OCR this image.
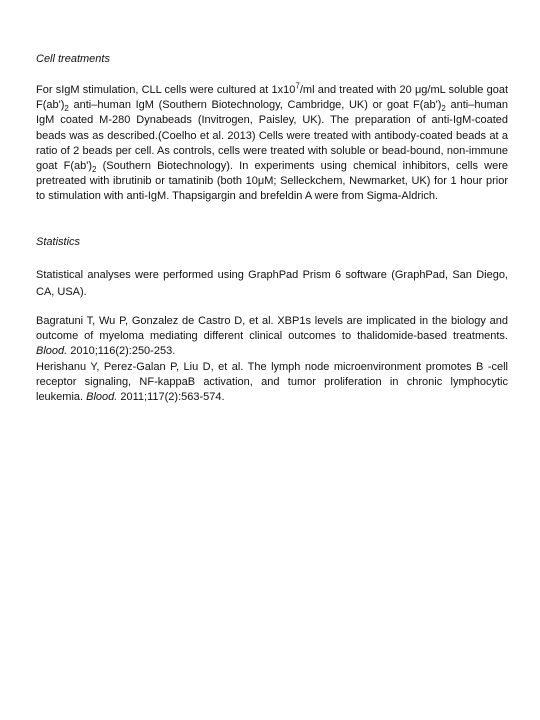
Cell treatments
For sIgM stimulation, CLL cells were cultured at $1x10^7/ml$ and treated with 20 μg/mL soluble goat $F(ab')_2$ anti–human IgM (Southern Biotechnology, Cambridge, UK) or goat $F(ab')_2$ anti–human IgM coated M-280 Dynabeads (Invitrogen, Paisley, UK). The preparation of anti-IgM-coated beads was as described.(Coelho et al. 2013) Cells were treated with antibody-coated beads at a ratio of 2 beads per cell. As controls, cells were treated with soluble or bead-bound, non-immune goat $F(ab')_2$ (Southern Biotechnology). In experiments using chemical inhibitors, cells were pretreated with ibrutinib or tamatinib (both 10μM; Selleckchem, Newmarket, UK) for 1 hour prior to stimulation with anti-IgM. Thapsigargin and brefeldin A were from Sigma-Aldrich.
Statistics
Statistical analyses were performed using GraphPad Prism 6 software (GraphPad, San Diego, CA, USA).
Bagratuni T, Wu P, Gonzalez de Castro D, et al. XBP1s levels are implicated in the biology and outcome of myeloma mediating different clinical outcomes to thalidomide-based treatments. Blood. 2010;116(2):250-253.
Herishanu Y, Perez-Galan P, Liu D, et al. The lymph node microenvironment promotes B -cell receptor signaling, NF-kappaB activation, and tumor proliferation in chronic lymphocytic leukemia. Blood. 2011;117(2):563-574.
